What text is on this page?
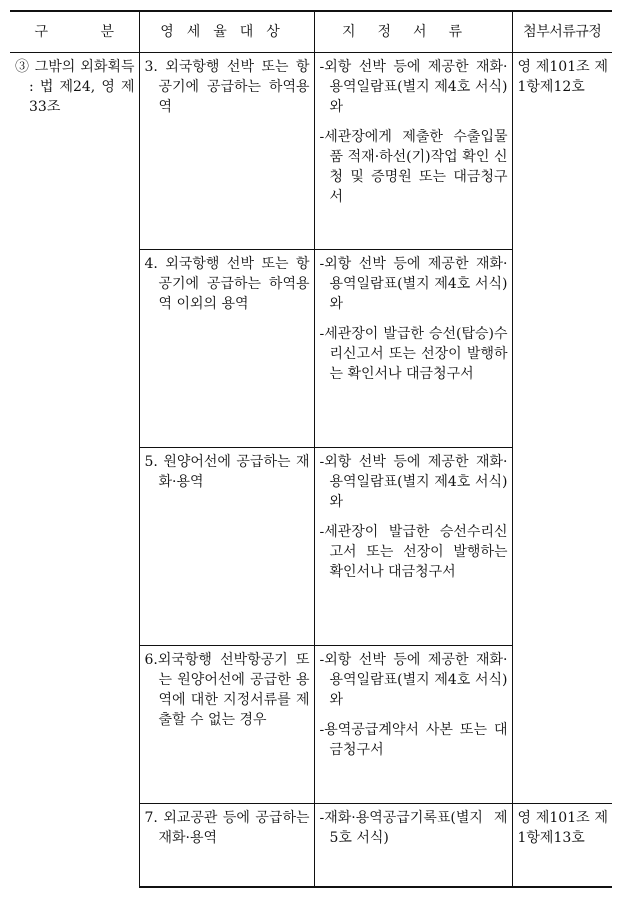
구 분	영세율대상	지정서류	첨부서류규정

③ 그밖의 외화획득 : 법 제24, 영 제33조	3. 외국항행 선박 또는 항공기에 공급하는 하역용역	-외항 선박 등에 제공한 재화·용역일람표(별지 제4호 서식)와

-세관장에게 제출한 수출입물품 적재·하선(기)작업 확인 신청 및 증명원 또는 대금청구서	영 제101조 제1항제12호

	4. 외국항행 선박 또는 항공기에 공급하는 하역용역 이외의 용역	-외항 선박 등에 제공한 재화·용역일람표(별지 제4호 서식)와

-세관장이 발급한 승선(탑승)수리신고서 또는 선장이 발행하는 확인서나 대금청구서	

	5. 원양어선에 공급하는 재화·용역	-외항 선박 등에 제공한 재화·용역일람표(별지 제4호 서식)와

-세관장이 발급한 승선수리신고서 또는 선장이 발행하는 확인서나 대금청구서	

	6.외국항행 선박항공기 또는 원양어선에 공급한 용역에 대한 지정서류를 제출할 수 없는 경우	-외항 선박 등에 제공한 재화·용역일람표(별지 제4호 서식)와

-용역공급계약서 사본 또는 대금청구서	

	7. 외교공관 등에 공급하는 재화·용역	-재화·용역공급기록표(별지 제5호 서식)	영 제101조 제1항제13호
